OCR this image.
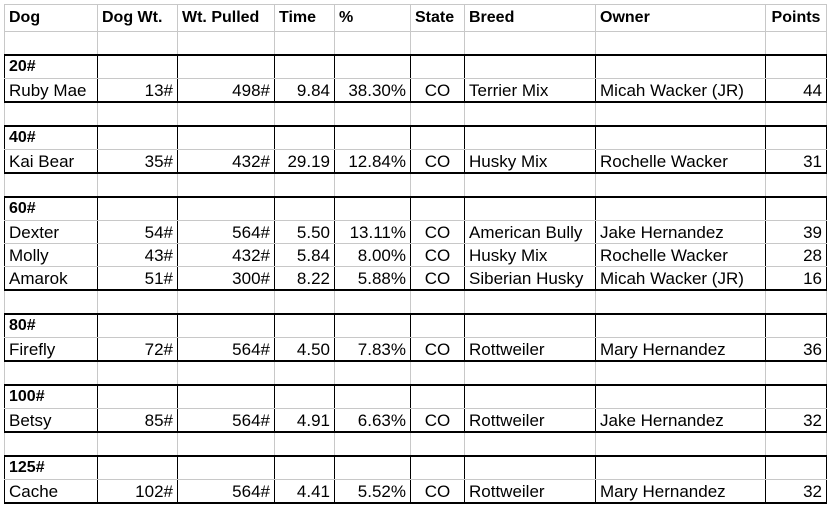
Dog	Dog Wt.	Wt. Pulled	Time	%	State	Breed	Owner	Points

20#								
Ruby Mae	13#	498#	9.84	38.30%	CO	Terrier Mix	Micah Wacker (JR)	44

40#								
Kai Bear	35#	432#	29.19	12.84%	CO	Husky Mix	Rochelle Wacker	31

60#								
Dexter	54#	564#	5.50	13.11%	CO	American Bully	Jake Hernandez	39
Molly	43#	432#	5.84	8.00%	CO	Husky Mix	Rochelle Wacker	28
Amarok	51#	300#	8.22	5.88%	CO	Siberian Husky	Micah Wacker (JR)	16

80#								
Firefly	72#	564#	4.50	7.83%	CO	Rottweiler	Mary Hernandez	36

100#								
Betsy	85#	564#	4.91	6.63%	CO	Rottweiler	Jake Hernandez	32

125#								
Cache	102#	564#	4.41	5.52%	CO	Rottweiler	Mary Hernandez	32
